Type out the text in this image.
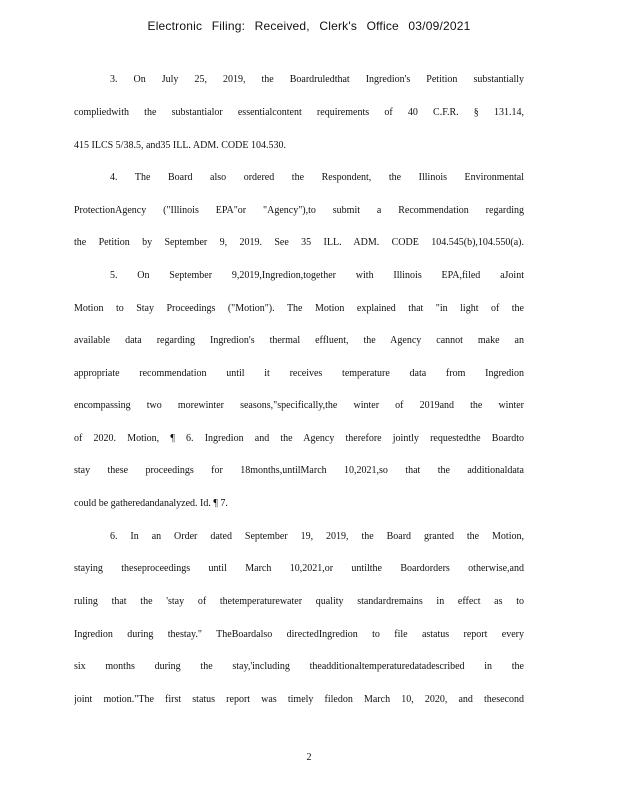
Electronic Filing: Received, Clerk's Office 03/09/2021
3. On July 25, 2019, the Boardruledthat Ingredion's Petition substantially
compliedwith the substantialor essentialcontent requirements of 40 C.F.R. § 131.14,
415 ILCS 5/38.5, and35 ILL. ADM. CODE 104.530.
4. The Board also ordered the Respondent, the Illinois Environmental
ProtectionAgency ("Illinois EPA"or "Agency"),to submit a Recommendation regarding
the Petition by September 9, 2019. See 35 ILL. ADM. CODE 104.545(b),104.550(a).
5. On September 9,2019,Ingredion,together with Illinois EPA,filed aJoint
Motion to Stay Proceedings ("Motion"). The Motion explained that "in light of the
available data regarding Ingredion's thermal effluent, the Agency cannot make an
appropriate recommendation until it receives temperature data from Ingredion
encompassing two morewinter seasons,"specifically,the winter of 2019and the winter
of 2020. Motion, ¶ 6. Ingredion and the Agency therefore jointly requestedthe Boardto
stay these proceedings for 18months,untilMarch 10,2021,so that the additionaldata
could be gatheredandanalyzed. Id. ¶ 7.
6. In an Order dated September 19, 2019, the Board granted the Motion,
staying theseproceedings until March 10,2021,or untilthe Boardorders otherwise,and
ruling that the 'stay of thetemperaturewater quality standardremains in effect as to
Ingredion during thestay." TheBoardalso directedIngredion to file astatus report every
six months during the stay,'including theadditionaltemperaturedatadescribed in the
joint motion."The first status report was timely filedon March 10, 2020, and thesecond
2
